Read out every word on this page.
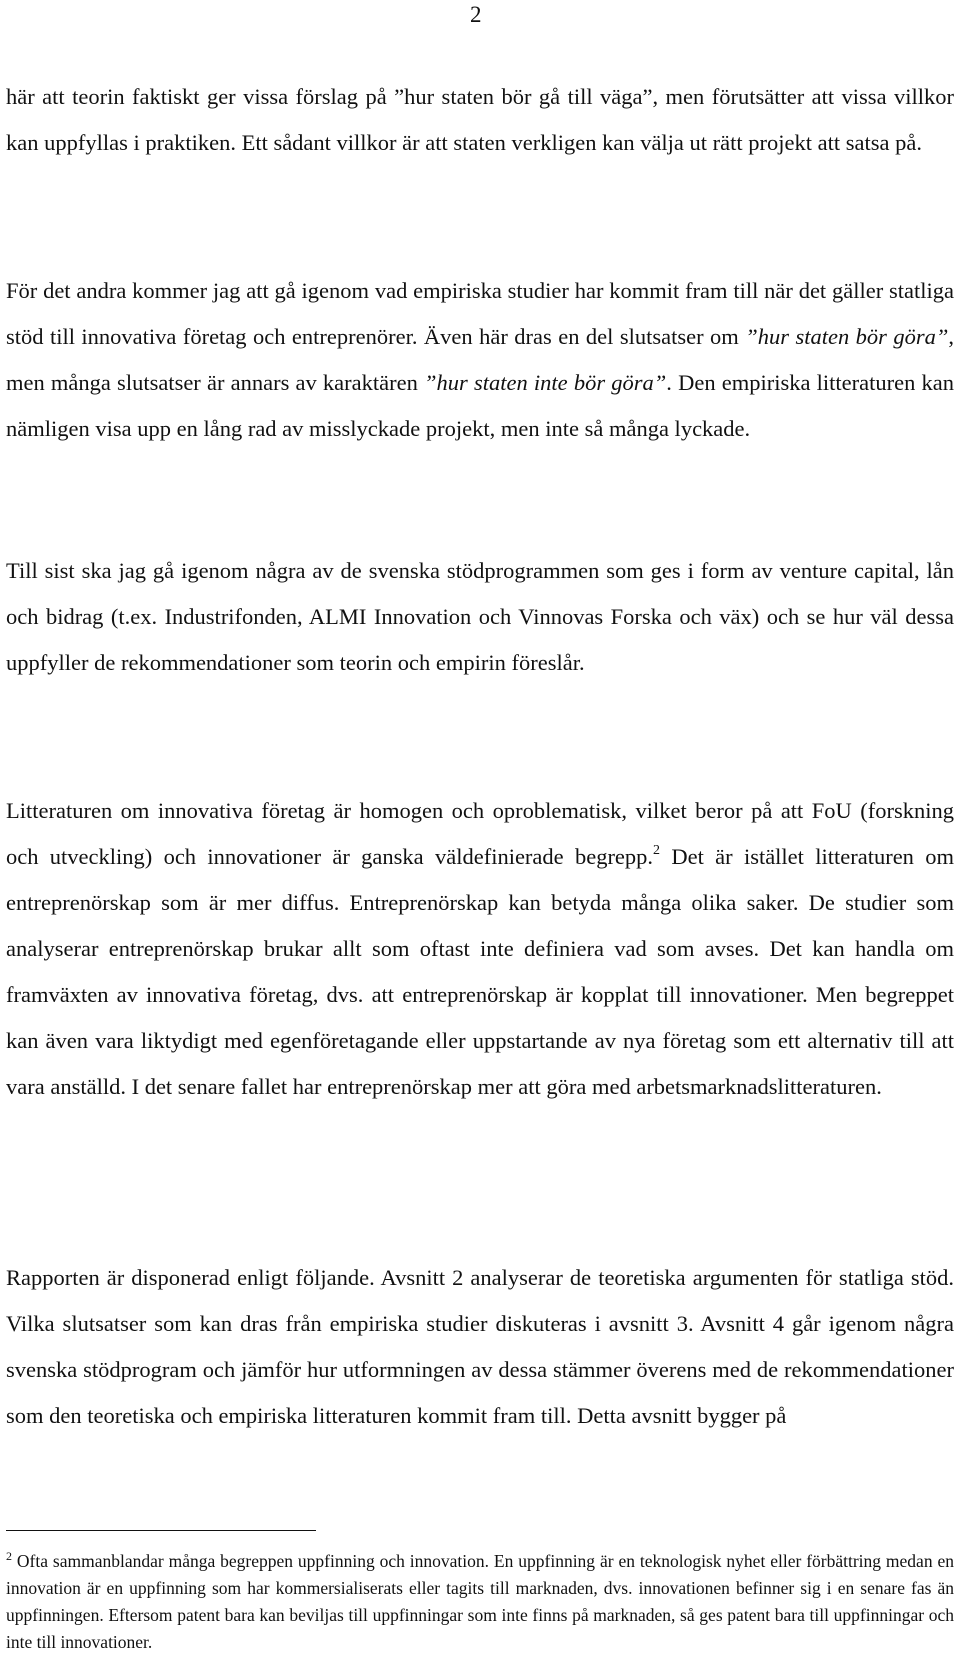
2

här att teorin faktiskt ger vissa förslag på ”hur staten bör gå till väga”, men förutsätter att vissa villkor kan uppfyllas i praktiken. Ett sådant villkor är att staten verkligen kan välja ut rätt projekt att satsa på.

För det andra kommer jag att gå igenom vad empiriska studier har kommit fram till när det gäller statliga stöd till innovativa företag och entreprenörer. Även här dras en del slutsatser om ”hur staten bör göra”, men många slutsatser är annars av karaktären ”hur staten inte bör göra”. Den empiriska litteraturen kan nämligen visa upp en lång rad av misslyckade projekt, men inte så många lyckade.

Till sist ska jag gå igenom några av de svenska stödprogrammen som ges i form av venture capital, lån och bidrag (t.ex. Industrifonden, ALMI Innovation och Vinnovas Forska och väx) och se hur väl dessa uppfyller de rekommendationer som teorin och empirin föreslår.

Litteraturen om innovativa företag är homogen och oproblematisk, vilket beror på att FoU (forskning och utveckling) och innovationer är ganska väldefinierade begrepp.$^2$ Det är istället litteraturen om entreprenörskap som är mer diffus. Entreprenörskap kan betyda många olika saker. De studier som analyserar entreprenörskap brukar allt som oftast inte definiera vad som avses. Det kan handla om framväxten av innovativa företag, dvs. att entreprenörskap är kopplat till innovationer. Men begreppet kan även vara liktydigt med egenföretagande eller uppstartande av nya företag som ett alternativ till att vara anställd. I det senare fallet har entreprenörskap mer att göra med arbetsmarknadslitteraturen.

Rapporten är disponerad enligt följande. Avsnitt 2 analyserar de teoretiska argumenten för statliga stöd. Vilka slutsatser som kan dras från empiriska studier diskuteras i avsnitt 3. Avsnitt 4 går igenom några svenska stödprogram och jämför hur utformningen av dessa stämmer överens med de rekommendationer som den teoretiska och empiriska litteraturen kommit fram till. Detta avsnitt bygger på

$^2$ Ofta sammanblandar många begreppen uppfinning och innovation. En uppfinning är en teknologisk nyhet eller förbättring medan en innovation är en uppfinning som har kommersialiserats eller tagits till marknaden, dvs. innovationen befinner sig i en senare fas än uppfinningen. Eftersom patent bara kan beviljas till uppfinningar som inte finns på marknaden, så ges patent bara till uppfinningar och inte till innovationer.
